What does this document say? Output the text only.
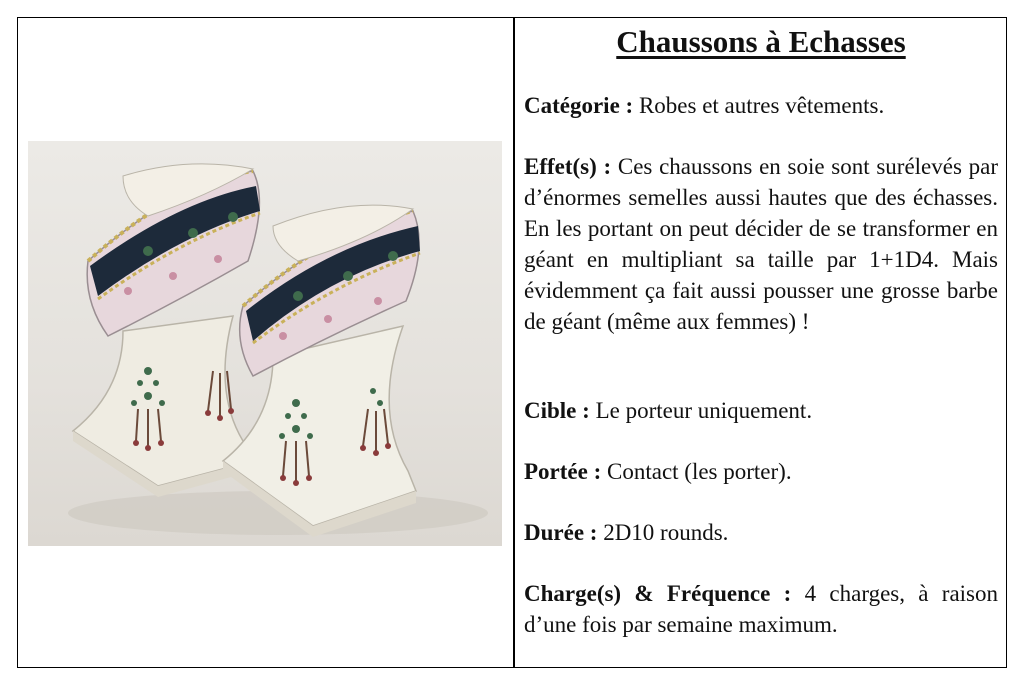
Chaussons à Echasses

Catégorie : Robes et autres vêtements.

Effet(s) : Ces chaussons en soie sont surélevés par d’énormes semelles aussi hautes que des échasses. En les portant on peut décider de se transformer en géant en multipliant sa taille par 1+1D4. Mais évidemment ça fait aussi pousser une grosse barbe de géant (même aux femmes) !

Cible : Le porteur uniquement.

Portée : Contact (les porter).

Durée : 2D10 rounds.

Charge(s) & Fréquence : 4 charges, à raison d’une fois par semaine maximum.
